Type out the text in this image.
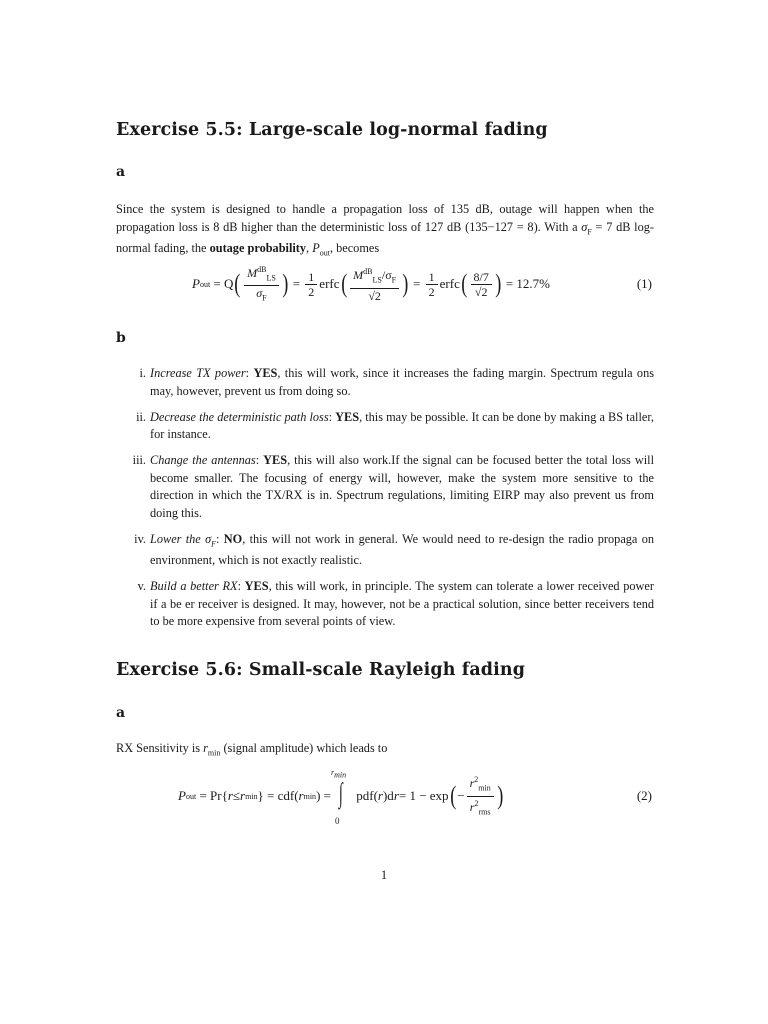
Exercise 5.5: Large-scale log-normal fading
a

Since the system is designed to handle a propagation loss of 135 dB, outage will happen when the propagation loss is 8 dB higher than the deterministic loss of 127 dB (135−127 = 8). With a $\sigma_F = 7$ dB log-normal fading, the outage probability, $P_{out}$, becomes

P out
= Q ( $\frac{M^{dB}_{LS}}{\sigma_F}$ )
=
$\frac{1}{2}$ erfc ( $\frac{M^{dB}_{LS}/\sigma_F}{√2}$ )
=
$\frac{1}{2}$ erfc ( $\frac{8/7}{√2}$ )
= 12.7%	(1)
b
i. Increase TX power: YES, this will work, since it increases the fading margin. Spectrum regula ons may, however, prevent us from doing so.
ii. Decrease the deterministic path loss: YES, this may be possible. It can be done by making a BS taller, for instance.
iii. Change the antennas: YES, this will also work.If the signal can be focused better the total loss will become smaller. The focusing of energy will, however, make the system more sensitive to the direction in which the TX/RX is in. Spectrum regulations, limiting EIRP may also prevent us from doing this.
iv. Lower the $\sigma_F$: NO, this will not work in general. We would need to re-design the radio propaga on environment, which is not exactly realistic.
v. Build a better RX: YES, this will work, in principle. The system can tolerate a lower received power if a be er receiver is designed. It may, however, not be a practical solution, since better receivers tend to be more expensive from several points of view.
Exercise 5.6: Small-scale Rayleigh fading
a

RX Sensitivity is $r_{min}$ (signal amplitude) which leads to

P out
= Pr{ r ≤ r min } = cdf( r min ) =
$r_{min}$
∫
0

pdf( r )d r = 1 − exp ( − $\frac{r^2_{min}}{r^2_{rms}}$ )	(2)
1
